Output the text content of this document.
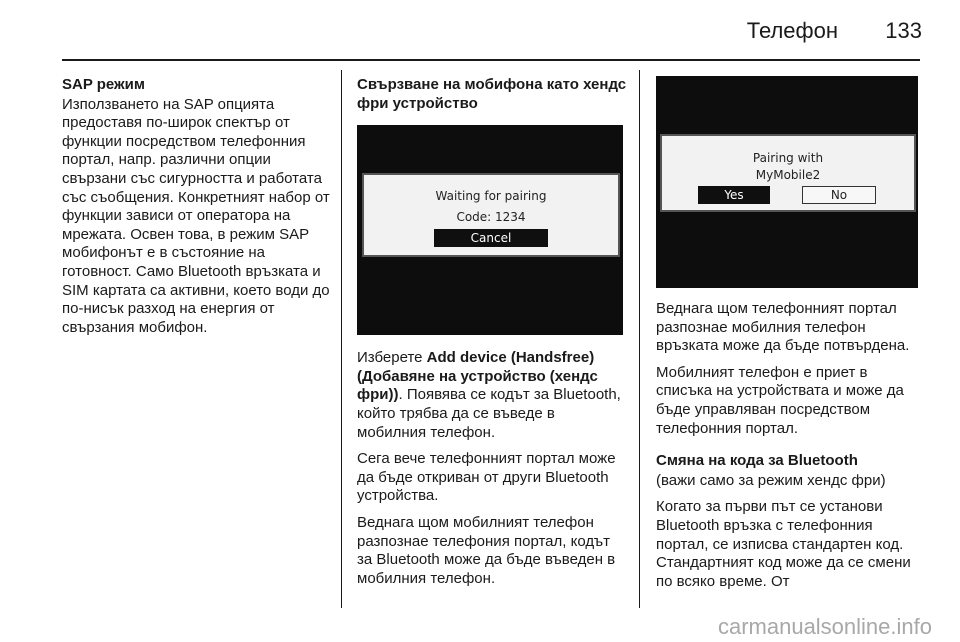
Телефон 133

SAP режим

Използването на SAP опцията предоставя по-широк спектър от функции посредством телефонния портал, напр. различни опции свързани със сигурността и работата със съобщения. Конкретният набор от функции зависи от оператора на мрежата. Освен това, в режим SAP мобифонът е в състояние на готовност. Само Bluetooth връзката и SIM картата са активни, което води до по-нисък разход на енергия от свързания мобифон.

Свързване на мобифона като хендс фри устройство

Waiting for pairing
Code: 1234
Cancel

Изберете Add device (Handsfree) (Добавяне на устройство (хендс фри)). Появява се кодът за Bluetooth, който трябва да се въведе в мобилния телефон.

Сега вече телефонният портал може да бъде откриван от други Bluetooth устройства.

Веднага щом мобилният телефон разпознае телефония портал, кодът за Bluetooth може да бъде въведен в мобилния телефон.

Pairing with
MyMobile2
Yes	No

Веднага щом телефонният портал разпознае мобилния телефон връзката може да бъде потвърдена.

Мобилният телефон е приет в списъка на устройствата и може да бъде управляван посредством телефонния портал.

Смяна на кода за Bluetooth

(важи само за режим хендс фри)

Когато за първи път се установи Bluetooth връзка с телефонния портал, се изписва стандартен код. Стандартният код може да се смени по всяко време. От

carmanualsonline.info
